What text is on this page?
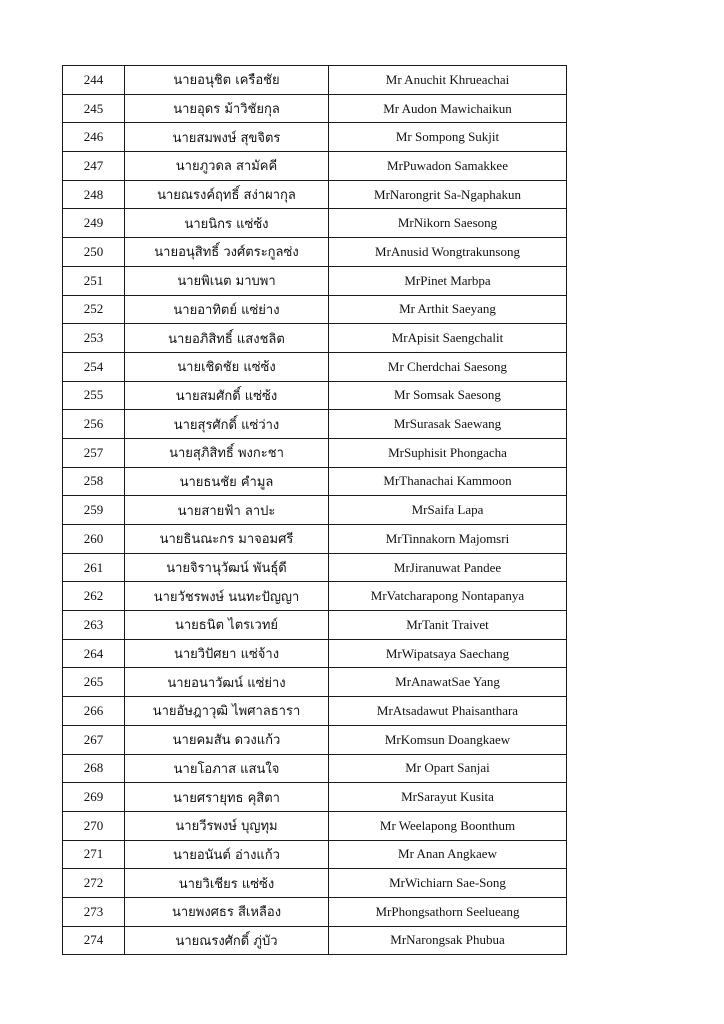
244	นายอนุชิต เครือชัย	Mr Anuchit Khrueachai
245	นายอุดร ม้าวิชัยกุล	Mr Audon Mawichaikun
246	นายสมพงษ์ สุขจิตร	Mr Sompong Sukjit
247	นายภูวดล สามัคคี	MrPuwadon Samakkee
248	นายณรงค์ฤทธิ์ สง่าผากุล	MrNarongrit Sa-Ngaphakun
249	นายนิกร แซ่ซ้ง	MrNikorn Saesong
250	นายอนุสิทธิ์ วงศ์ตระกูลซ่ง	MrAnusid Wongtrakunsong
251	นายพิเนต มาบพา	MrPinet Marbpa
252	นายอาทิตย์ แซ่ย่าง	Mr Arthit Saeyang
253	นายอภิสิทธิ์ แสงชลิต	MrApisit Saengchalit
254	นายเชิดชัย แซ่ซ้ง	Mr Cherdchai Saesong
255	นายสมศักดิ์ แซ่ซ้ง	Mr Somsak Saesong
256	นายสุรศักดิ์ แซ่ว่าง	MrSurasak Saewang
257	นายสุภิสิทธิ์ พงกะชา	MrSuphisit Phongacha
258	นายธนชัย คำมูล	MrThanachai Kammoon
259	นายสายฟ้า ลาปะ	MrSaifa Lapa
260	นายธินณะกร มาจอมศรี	MrTinnakorn Majomsri
261	นายจิรานุวัฒน์ พันธุ์ดี	MrJiranuwat Pandee
262	นายวัชรพงษ์ นนทะปัญญา	MrVatcharapong Nontapanya
263	นายธนิต ไตรเวทย์	MrTanit Traivet
264	นายวิปัศยา แซ่จ้าง	MrWipatsaya Saechang
265	นายอนาวัฒน์ แซ่ย่าง	MrAnawatSae Yang
266	นายอัษฎาวุฒิ ไพศาลธารา	MrAtsadawut Phaisanthara
267	นายคมสัน ดวงแก้ว	MrKomsun Doangkaew
268	นายโอภาส แสนใจ	Mr Opart Sanjai
269	นายศรายุทธ คุสิตา	MrSarayut Kusita
270	นายวีรพงษ์ บุญทุม	Mr Weelapong Boonthum
271	นายอนันต์ อ่างแก้ว	Mr Anan Angkaew
272	นายวิเชียร แซ่ซ้ง	MrWichiarn Sae-Song
273	นายพงศธร สีเหลือง	MrPhongsathorn Seelueang
274	นายณรงศักดิ์ ภู่บัว	MrNarongsak Phubua
